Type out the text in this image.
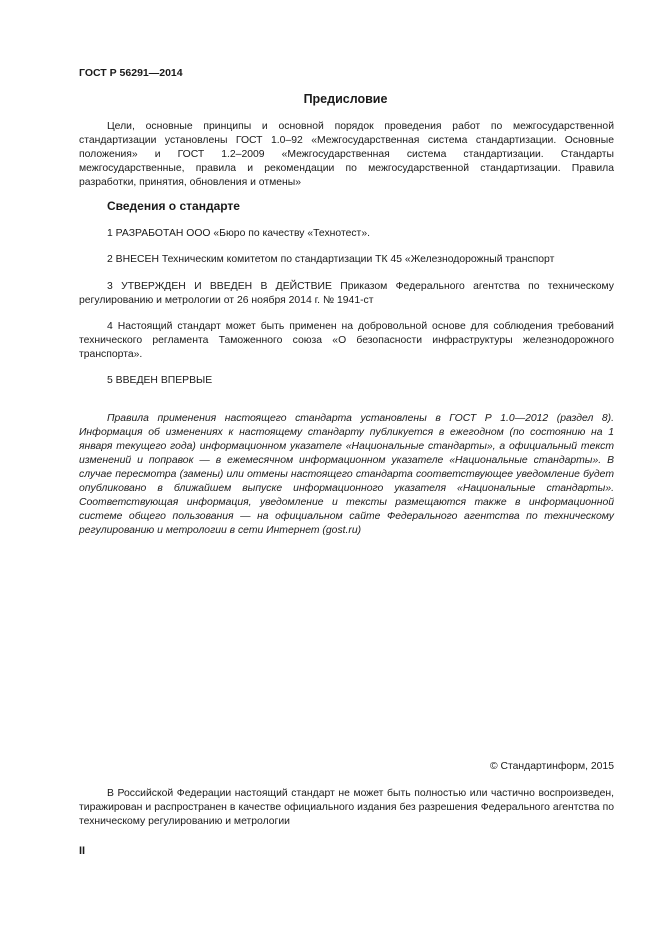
ГОСТ Р 56291—2014
Предисловие

Цели, основные принципы и основной порядок проведения работ по межгосударственной стандартизации установлены ГОСТ 1.0–92 «Межгосударственная система стандартизации. Основные положения» и ГОСТ 1.2–2009 «Межгосударственная система стандартизации. Стандарты межгосударственные, правила и рекомендации по межгосударственной стандартизации. Правила разработки, принятия, обновления и отмены»

Сведения о стандарте

1 РАЗРАБОТАН ООО «Бюро по качеству «Технотест».

2 ВНЕСЕН Техническим комитетом по стандартизации ТК 45 «Железнодорожный транспорт

3 УТВЕРЖДЕН И ВВЕДЕН В ДЕЙСТВИЕ Приказом Федерального агентства по техническому регулированию и метрологии от 26 ноября 2014 г. № 1941-ст

4 Настоящий стандарт может быть применен на добровольной основе для соблюдения требований технического регламента Таможенного союза «О безопасности инфраструктуры железнодорожного транспорта».

5 ВВЕДЕН ВПЕРВЫЕ

Правила применения настоящего стандарта установлены в ГОСТ Р 1.0—2012 (раздел 8). Информация об изменениях к настоящему стандарту публикуется в ежегодном (по состоянию на 1 января текущего года) информационном указателе «Национальные стандарты», а официальный текст изменений и поправок — в ежемесячном информационном указателе «Национальные стандарты». В случае пересмотра (замены) или отмены настоящего стандарта соответствующее уведомление будет опубликовано в ближайшем выпуске информационного указателя «Национальные стандарты». Соответствующая информация, уведомление и тексты размещаются также в информационной системе общего пользования — на официальном сайте Федерального агентства по техническому регулированию и метрологии в сети Интернет (gost.ru)

© Стандартинформ, 2015

В Российской Федерации настоящий стандарт не может быть полностью или частично воспроизведен, тиражирован и распространен в качестве официального издания без разрешения Федерального агентства по техническому регулированию и метрологии

II
